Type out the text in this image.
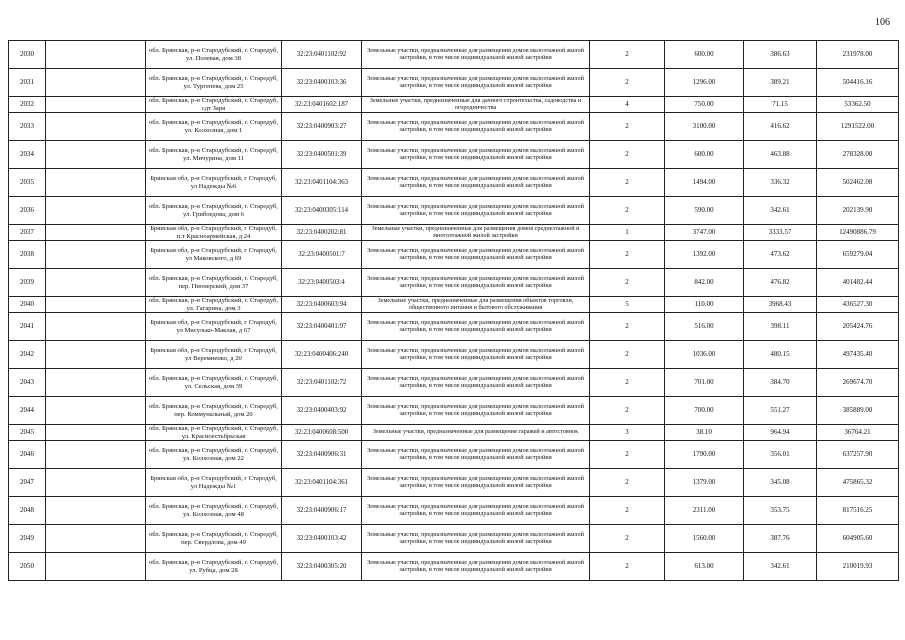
106
2030		обл. Брянская, р-н Стародубский, г. Стародуб, ул. Полевая, дом 38	32:23:0401102:92	Земельные участки, предназначенные для размещения домов малоэтажной жилой застройки, в том числе индивидуальной жилой застройки	2	600.00	386.63	231978.00
2031		обл. Брянская, р-н Стародубский, г. Стародуб, ул. Тургенева, дом 25	32:23:0400103:36	Земельные участки, предназначенные для размещения домов малоэтажной жилой застройки, в том числе индивидуальной жилой застройки	2	1296.00	389.21	504416.16
2032		обл. Брянская, р-н Стародубский, г. Стародуб, сдт Заря	32:23:0401602:187	Земельные участки, предназначенные для дачного строительства, садоводства и огородничества	4	750.00	71.15	53362.50
2033		обл. Брянская, р-н Стародубский, г. Стародуб, ул. Колхозная, дом 1	32:23:0400903:27	Земельные участки, предназначенные для размещения домов малоэтажной жилой застройки, в том числе индивидуальной жилой застройки	2	3100.00	416.62	1291522.00
2034		обл. Брянская, р-н Стародубский, г. Стародуб, ул. Мичурина, дом 11	32:23:0400501:39	Земельные участки, предназначенные для размещения домов малоэтажной жилой застройки, в том числе индивидуальной жилой застройки	2	600.00	463.88	278328.00
2035		Брянская обл, р-н Стародубский, г Стародуб, ул Надежды №6	32:23:0401104:363	Земельные участки, предназначенные для размещения домов малоэтажной жилой застройки, в том числе индивидуальной жилой застройки	2	1494.00	336.32	502462.08
2036		обл. Брянская, р-н Стародубский, г. Стародуб, ул. Грибоедова, дом 6	32:23:0400305:114	Земельные участки, предназначенные для размещения домов малоэтажной жилой застройки, в том числе индивидуальной жилой застройки	2	590.00	342.61	202139.90
2037		Брянская обл, р-н Стародубский, г Стародуб, п.т Красноармейская, д 24	32:23:0400202:81	Земельные участки, предназначенные для размещения домов среднеэтажной и многоэтажной жилой застройки	1	3747.00	3333.57	12490886.79
2038		Брянская обл, р-н Стародубский, г Стародуб, ул Маковского, д 69	32:23:0400501:7	Земельные участки, предназначенные для размещения домов малоэтажной жилой застройки, в том числе индивидуальной жилой застройки	2	1392.00	473.62	659279.04
2039		обл. Брянская, р-н Стародубский, г. Стародуб, пер. Пионерский, дом 37	32:23:0400503:4	Земельные участки, предназначенные для размещения домов малоэтажной жилой застройки, в том числе индивидуальной жилой застройки	2	842.00	476.82	401482.44
2040		обл. Брянская, р-н Стародубский, г. Стародуб, ул. Гагарина, дом 3	32:23:0400603:94	Земельные участки, предназначенные для размещения объектов торговли, общественного питания и бытового обслуживания	5	110.00	3968.43	436527.30
2041		Брянская обл, р-н Стародубский, г Стародуб, ул Мисулько-Маклая, д 67	32:23:0400401:97	Земельные участки, предназначенные для размещения домов малоэтажной жилой застройки, в том числе индивидуальной жилой застройки	2	516.00	398.11	205424.76
2042		Брянская обл, р-н Стародубский, г Стародуб, ул Веремиенко, д 20	32:23:0400406:240	Земельные участки, предназначенные для размещения домов малоэтажной жилой застройки, в том числе индивидуальной жилой застройки	2	1036.00	480.15	497435.40
2043		обл. Брянская, р-н Стародубский, г. Стародуб, ул. Сельская, дом 39	32:23:0401102:72	Земельные участки, предназначенные для размещения домов малоэтажной жилой застройки, в том числе индивидуальной жилой застройки	2	701.00	384.70	269674.70
2044		обл. Брянская, р-н Стародубский, г. Стародуб, пер. Коммунальный, дом 20	32:23:0400403:92	Земельные участки, предназначенные для размещения домов малоэтажной жилой застройки, в том числе индивидуальной жилой застройки	2	700.00	551.27	385889.00
2045		обл. Брянская, р-н Стародубский, г. Стародуб, ул. Красноестьбрьская	32:23:0400608:500	Земельные участки, предназначенные для размещения гаражей и автостоянок	3	38.10	964.94	36764.21
2046		обл. Брянская, р-н Стародубский, г. Стародуб, ул. Колхозная, дом 22	32:23:0400906:31	Земельные участки, предназначенные для размещения домов малоэтажной жилой застройки, в том числе индивидуальной жилой застройки	2	1790.00	356.01	637257.90
2047		Брянская обл, р-н Стародубский, г Стародуб, ул Надежды №1	32:23:0401104:361	Земельные участки, предназначенные для размещения домов малоэтажной жилой застройки, в том числе индивидуальной жилой застройки	2	1379.00	345.08	475865.32
2048		обл. Брянская, р-н Стародубский, г. Стародуб, ул. Колхозная, дом 48	32:23:0400906:17	Земельные участки, предназначенные для размещения домов малоэтажной жилой застройки, в том числе индивидуальной жилой застройки	2	2311.00	353.75	817516.25
2049		обл. Брянская, р-н Стародубский, г. Стародуб, пер. Свердлова, дом 49	32:23:0400103:42	Земельные участки, предназначенные для размещения домов малоэтажной жилой застройки, в том числе индивидуальной жилой застройки	2	1560.00	387.76	604905.60
2050		обл. Брянская, р-н Стародубский, г. Стародуб, ул. Рубца, дом 28	32:23:0400305:20	Земельные участки, предназначенные для размещения домов малоэтажной жилой застройки, в том числе индивидуальной жилой застройки	2	613.00	342.61	210019.93
